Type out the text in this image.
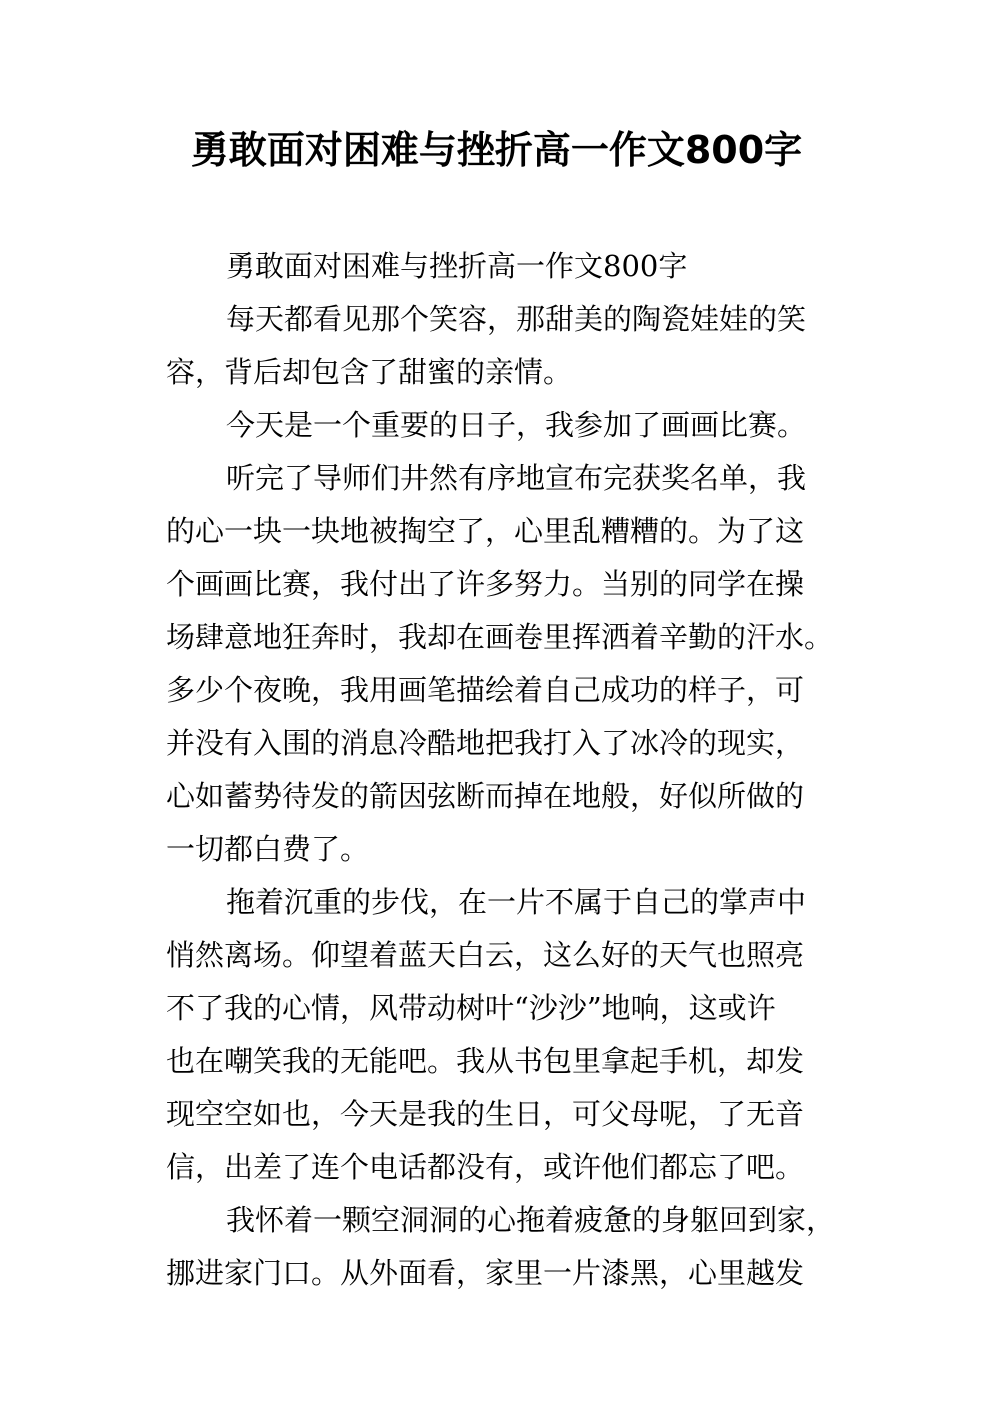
勇敢面对困难与挫折高一作文800字
勇敢面对困难与挫折高一作文800字
每天都看见那个笑容，那甜美的陶瓷娃娃的笑
容，背后却包含了甜蜜的亲情。
今天是一个重要的日子，我参加了画画比赛。
听完了导师们井然有序地宣布完获奖名单，我
的心一块一块地被掏空了，心里乱糟糟的。为了这
个画画比赛，我付出了许多努力。当别的同学在操
场肆意地狂奔时，我却在画卷里挥洒着辛勤的汗水。
多少个夜晚，我用画笔描绘着自己成功的样子，可
并没有入围的消息冷酷地把我打入了冰冷的现实，
心如蓄势待发的箭因弦断而掉在地般，好似所做的
一切都白费了。
拖着沉重的步伐，在一片不属于自己的掌声中
悄然离场。仰望着蓝天白云，这么好的天气也照亮
不了我的心情，风带动树叶“沙沙”地响，这或许
也在嘲笑我的无能吧。我从书包里拿起手机，却发
现空空如也，今天是我的生日，可父母呢，了无音
信，出差了连个电话都没有，或许他们都忘了吧。
我怀着一颗空洞洞的心拖着疲惫的身躯回到家，
挪进家门口。从外面看，家里一片漆黑，心里越发
